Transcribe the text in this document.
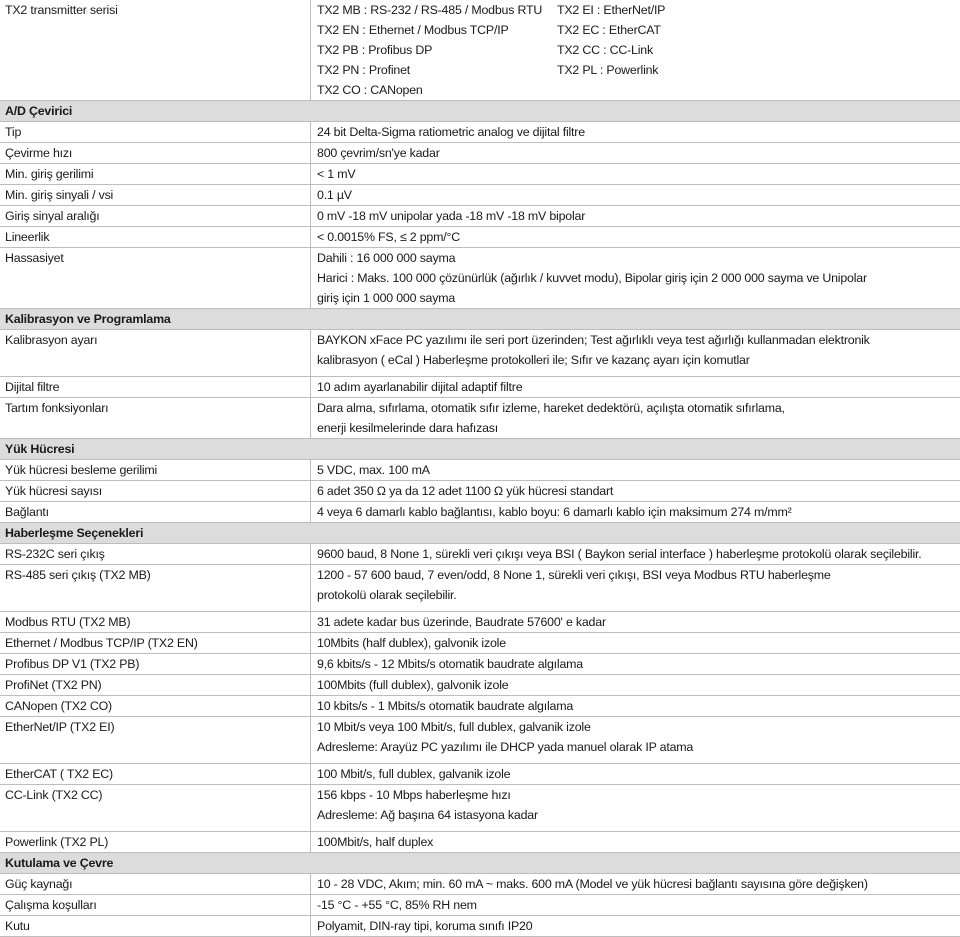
TX2 transmitter serisi	TX2 MB : RS-232 / RS-485 / Modbus RTU	TX2 EI : EtherNet/IP
TX2 EN : Ethernet / Modbus TCP/IP	TX2 EC : EtherCAT
TX2 PB : Profibus DP	TX2 CC : CC-Link
TX2 PN : Profinet	TX2 PL : Powerlink
TX2 CO : CANopen
A/D Çevirici
Tip	24 bit Delta-Sigma ratiometric analog ve dijital filtre
Çevirme hızı	800 çevrim/sn'ye kadar
Min. giriş gerilimi	< 1 mV
Min. giriş sinyali / vsi	0.1 µV
Giriş sinyal aralığı	0 mV -18 mV unipolar yada -18 mV -18 mV bipolar
Lineerlik	< 0.0015% FS, ≤ 2 ppm/°C
Hassasiyet	Dahili : 16 000 000 sayma
Harici : Maks. 100 000 çözünürlük (ağırlık / kuvvet modu), Bipolar giriş için 2 000 000 sayma ve Unipolar
giriş için 1 000 000 sayma
Kalibrasyon ve Programlama
Kalibrasyon ayarı	BAYKON xFace PC yazılımı ile seri port üzerinden; Test ağırlıklı veya test ağırlığı kullanmadan elektronik
kalibrasyon ( eCal ) Haberleşme protokolleri ile; Sıfır ve kazanç ayarı için komutlar
Dijital filtre	10 adım ayarlanabilir dijital adaptif filtre
Tartım fonksiyonları	Dara alma, sıfırlama, otomatik sıfır izleme, hareket dedektörü, açılışta otomatik sıfırlama,
enerji kesilmelerinde dara hafızası
Yük Hücresi
Yük hücresi besleme gerilimi	5 VDC, max. 100 mA
Yük hücresi sayısı	6 adet 350 Ω ya da 12 adet 1100 Ω yük hücresi standart
Bağlantı	4 veya 6 damarlı kablo bağlantısı, kablo boyu: 6 damarlı kablo için maksimum 274 m/mm²
Haberleşme Seçenekleri
RS-232C seri çıkış	9600 baud, 8 None 1, sürekli veri çıkışı veya BSI ( Baykon serial interface ) haberleşme protokolü olarak seçilebilir.
RS-485 seri çıkış (TX2 MB)	1200 - 57 600 baud, 7 even/odd, 8 None 1, sürekli veri çıkışı, BSI veya Modbus RTU haberleşme
protokolü olarak seçilebilir.
Modbus RTU (TX2 MB)	31 adete kadar bus üzerinde, Baudrate 57600' e kadar
Ethernet / Modbus TCP/IP (TX2 EN)	10Mbits (half dublex), galvonik izole
Profibus DP V1 (TX2 PB)	9,6 kbits/s - 12 Mbits/s otomatik baudrate algılama
ProfiNet (TX2 PN)	100Mbits (full dublex), galvonik izole
CANopen (TX2 CO)	10 kbits/s - 1 Mbits/s otomatik baudrate algılama
EtherNet/IP (TX2 EI)	10 Mbit/s veya 100 Mbit/s, full dublex, galvanik izole
Adresleme: Arayüz PC yazılımı ile DHCP yada manuel olarak IP atama
EtherCAT ( TX2 EC)	100 Mbit/s, full dublex, galvanik izole
CC-Link (TX2 CC)	156 kbps - 10 Mbps haberleşme hızı
Adresleme: Ağ başına 64 istasyona kadar
Powerlink (TX2 PL)	100Mbit/s, half duplex
Kutulama ve Çevre
Güç kaynağı	10 - 28 VDC, Akım; min. 60 mA ~ maks. 600 mA (Model ve yük hücresi bağlantı sayısına göre değişken)
Çalışma koşulları	-15 °C - +55 °C, 85% RH nem
Kutu	Polyamit, DIN-ray tipi, koruma sınıfı IP20
